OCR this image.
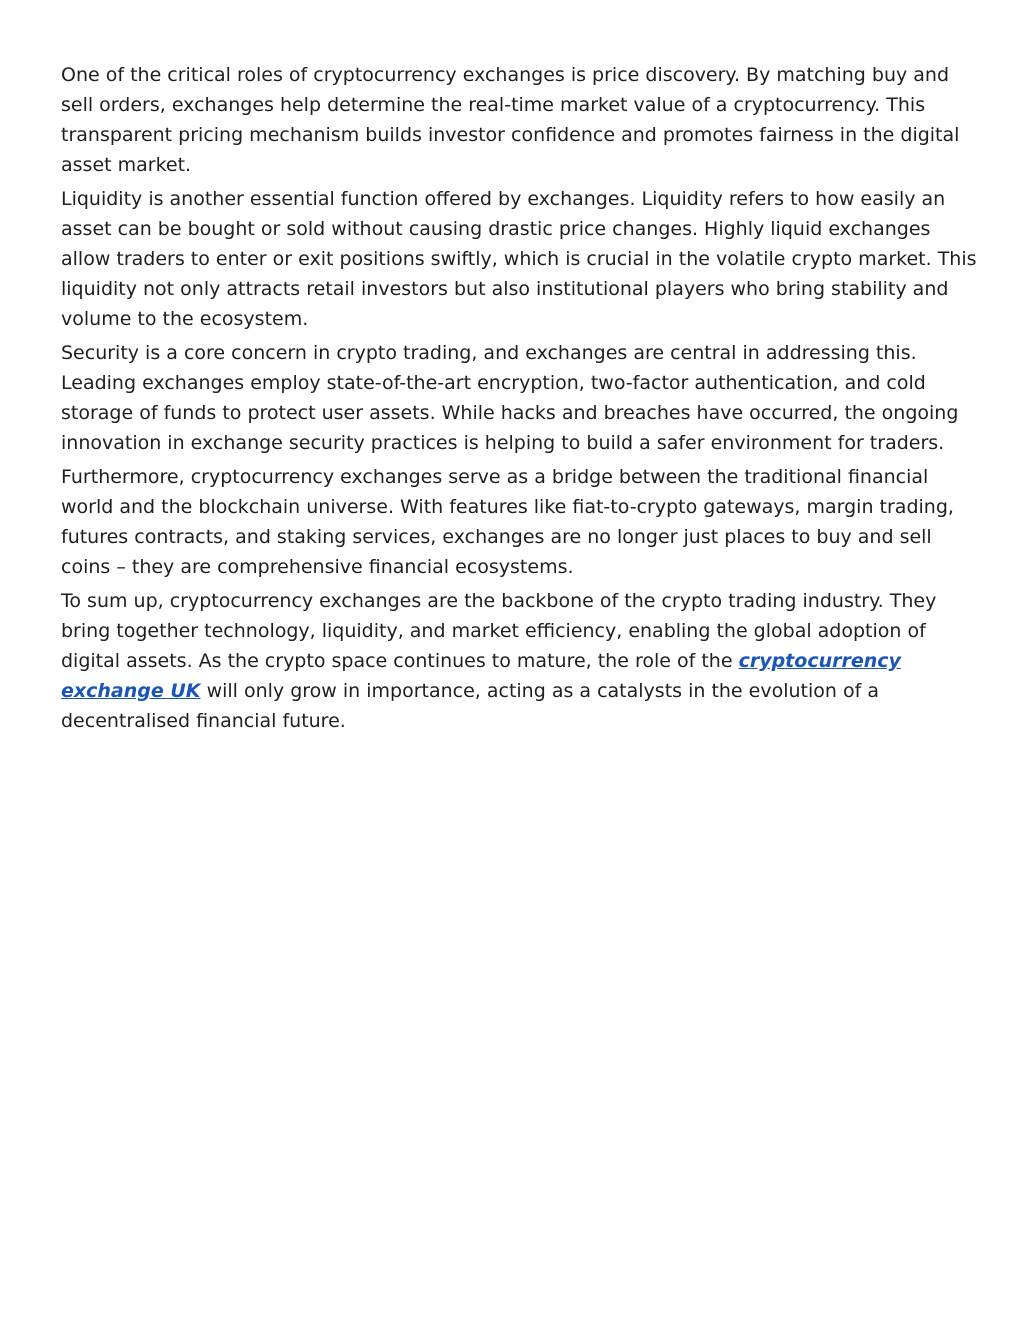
One of the critical roles of cryptocurrency exchanges is price discovery. By matching buy and sell orders, exchanges help determine the real-time market value of a cryptocurrency. This transparent pricing mechanism builds investor confidence and promotes fairness in the digital asset market.

Liquidity is another essential function offered by exchanges. Liquidity refers to how easily an asset can be bought or sold without causing drastic price changes. Highly liquid exchanges allow traders to enter or exit positions swiftly, which is crucial in the volatile crypto market. This liquidity not only attracts retail investors but also institutional players who bring stability and volume to the ecosystem.

Security is a core concern in crypto trading, and exchanges are central in addressing this. Leading exchanges employ state-of-the-art encryption, two-factor authentication, and cold storage of funds to protect user assets. While hacks and breaches have occurred, the ongoing innovation in exchange security practices is helping to build a safer environment for traders.

Furthermore, cryptocurrency exchanges serve as a bridge between the traditional financial world and the blockchain universe. With features like fiat-to-crypto gateways, margin trading, futures contracts, and staking services, exchanges are no longer just places to buy and sell coins – they are comprehensive financial ecosystems.

To sum up, cryptocurrency exchanges are the backbone of the crypto trading industry. They bring together technology, liquidity, and market efficiency, enabling the global adoption of digital assets. As the crypto space continues to mature, the role of the cryptocurrency exchange UK will only grow in importance, acting as a catalysts in the evolution of a decentralised financial future.
